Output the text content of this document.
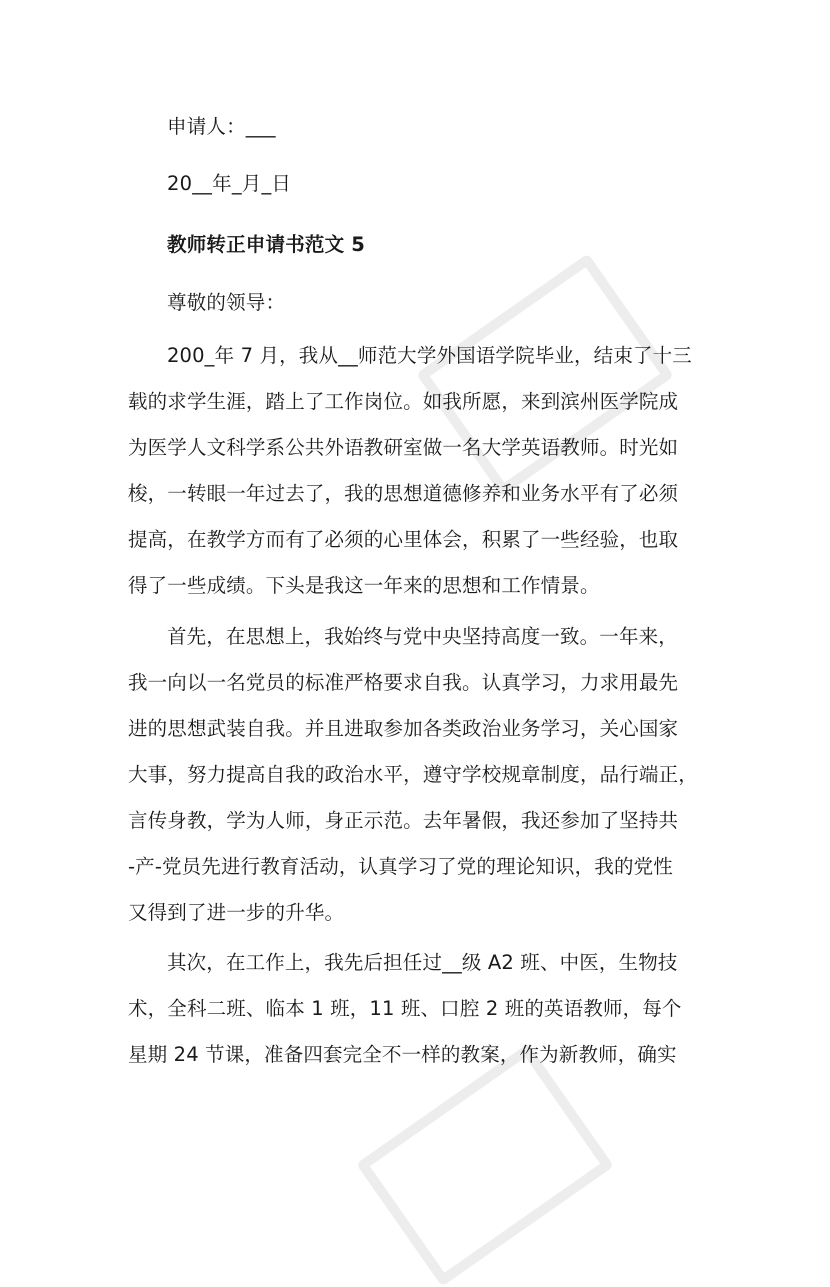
申请人：___
20__年_月_日
教师转正申请书范文 5
尊敬的领导：
200_年 7 月，我从__师范大学外国语学院毕业，结束了十三
载的求学生涯，踏上了工作岗位。如我所愿，来到滨州医学院成
为医学人文科学系公共外语教研室做一名大学英语教师。时光如
梭，一转眼一年过去了，我的思想道德修养和业务水平有了必须
提高，在教学方而有了必须的心里体会，积累了一些经验，也取
得了一些成绩。下头是我这一年来的思想和工作情景。
首先，在思想上，我始终与党中央坚持高度一致。一年来，
我一向以一名党员的标准严格要求自我。认真学习，力求用最先
进的思想武装自我。并且进取参加各类政治业务学习，关心国家
大事，努力提高自我的政治水平，遵守学校规章制度，品行端正，
言传身教，学为人师，身正示范。去年暑假，我还参加了坚持共
-产-党员先进行教育活动，认真学习了党的理论知识，我的党性
又得到了进一步的升华。
其次，在工作上，我先后担任过__级 A2 班、中医，生物技
术，全科二班、临本 1 班，11 班、口腔 2 班的英语教师，每个
星期 24 节课，准备四套完全不一样的教案，作为新教师，确实
